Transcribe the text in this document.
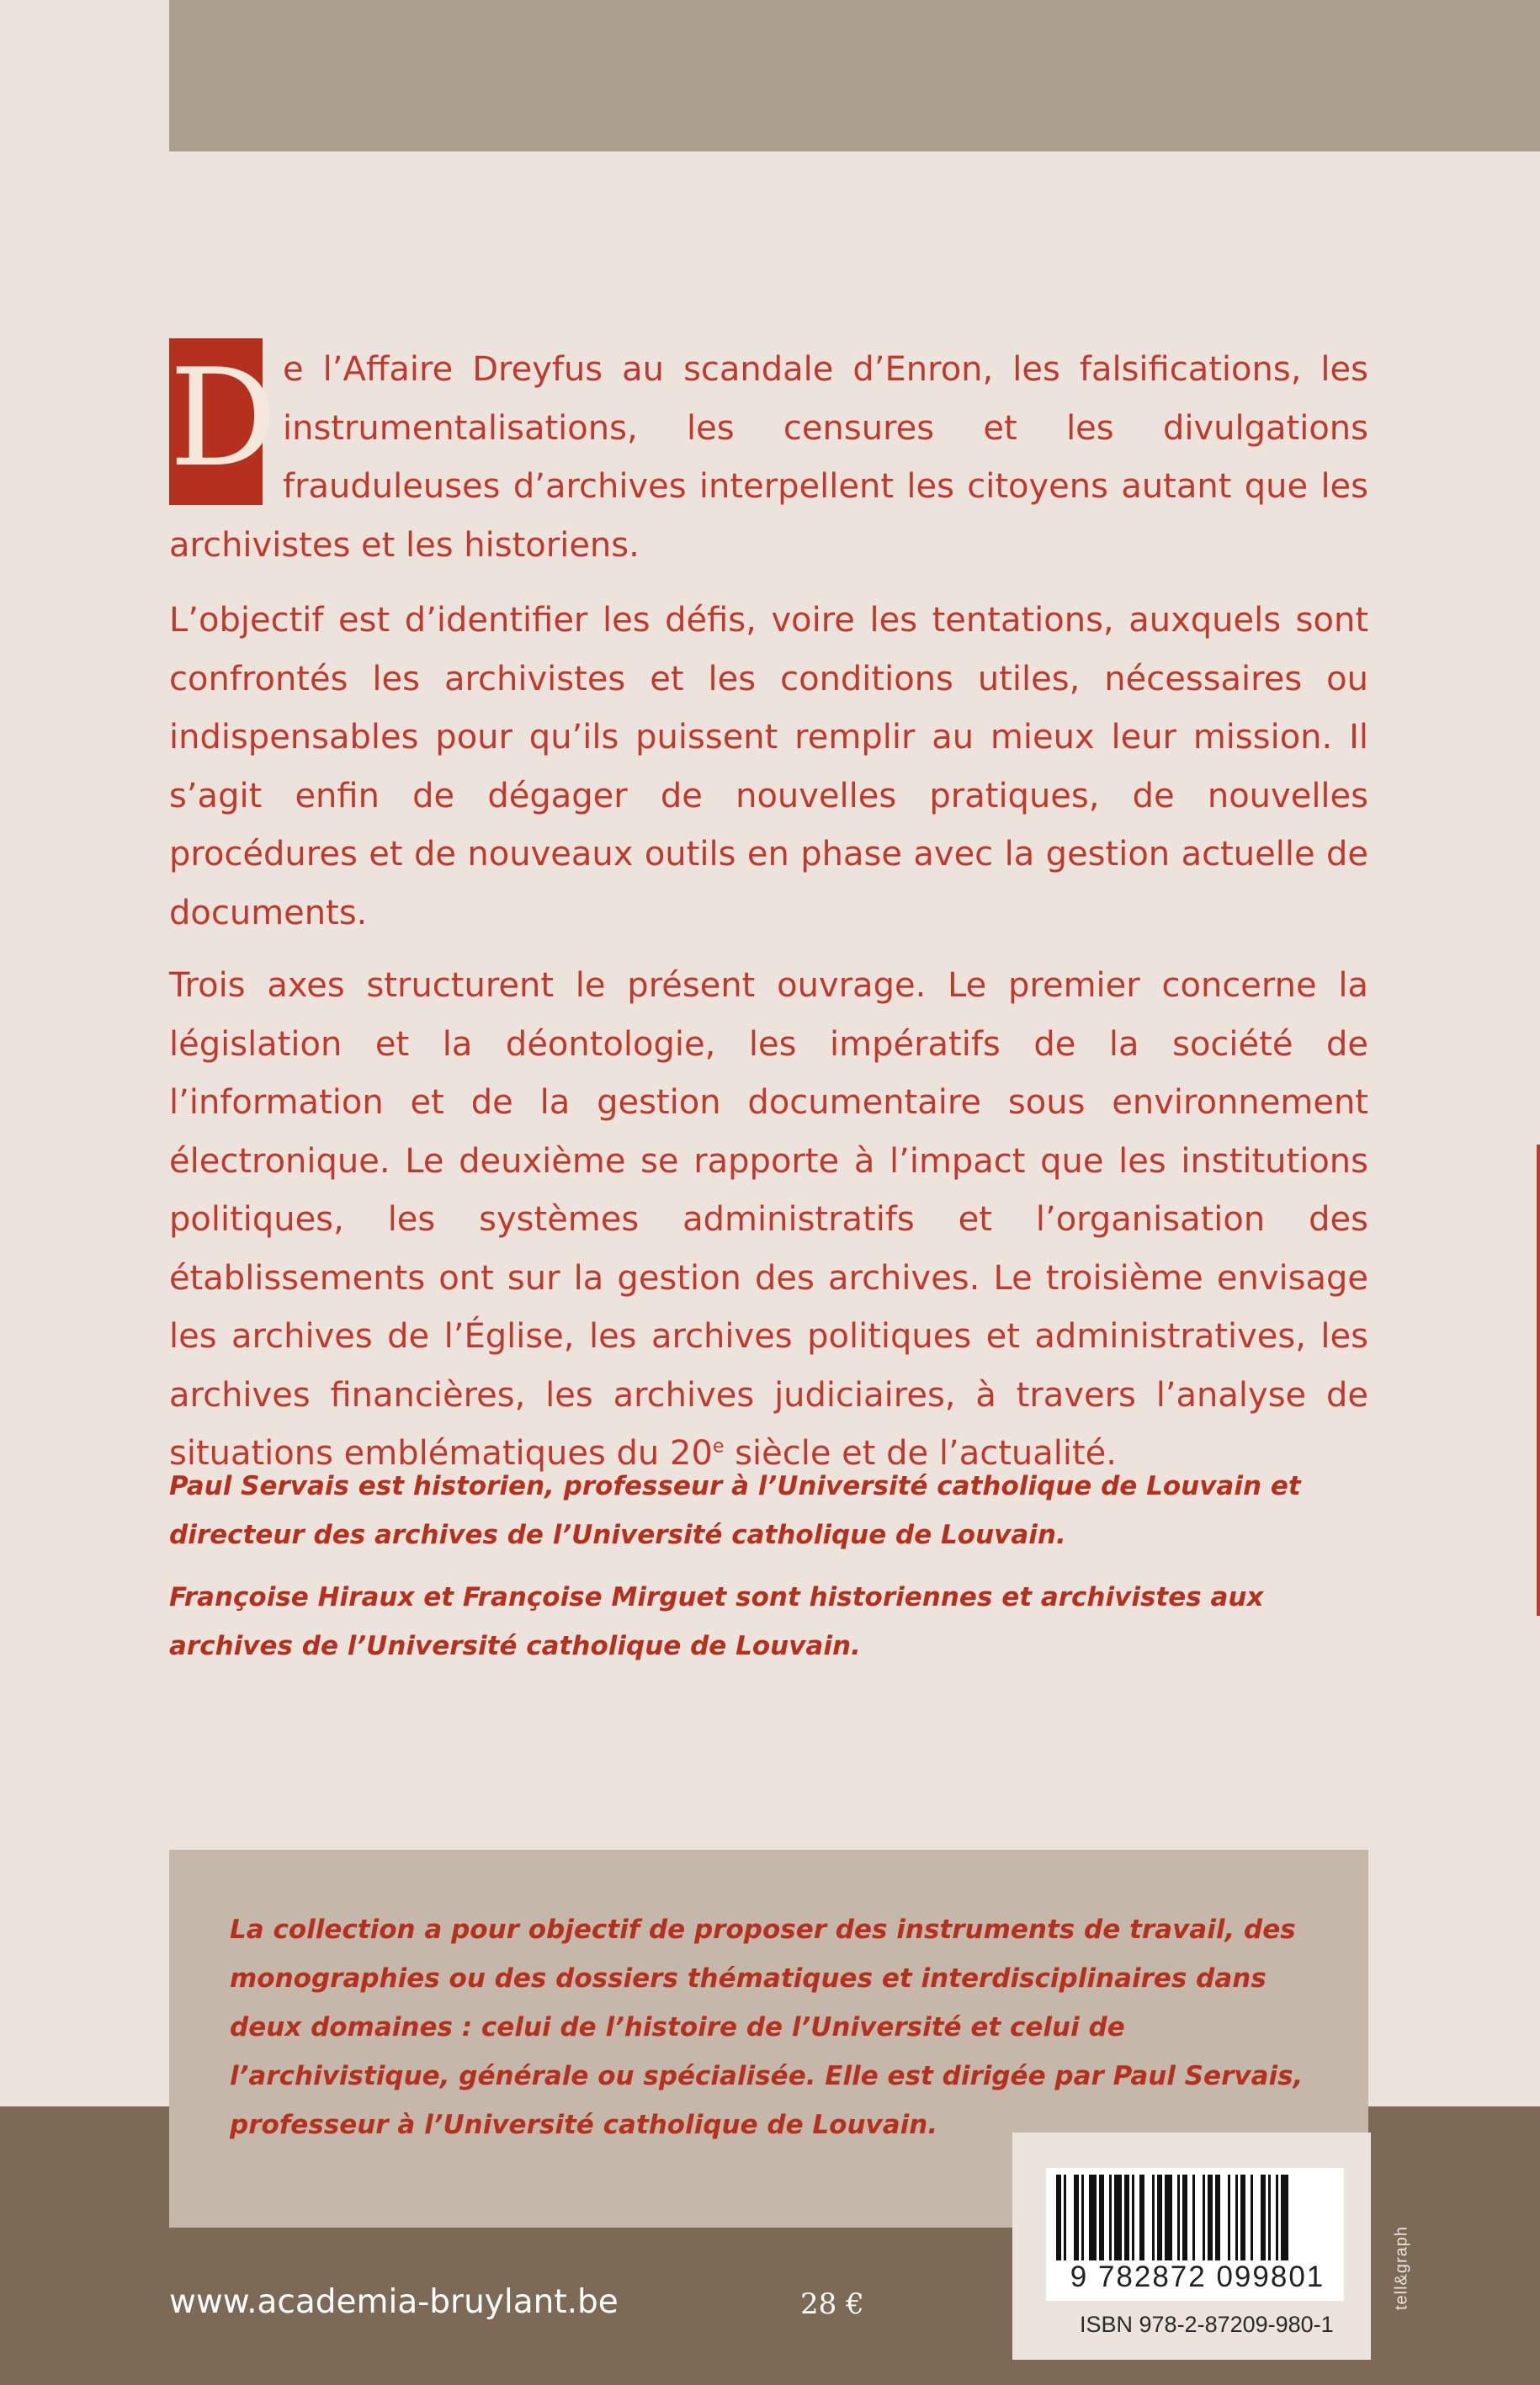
D e l’Affaire Dreyfus au scandale d’Enron, les falsifications, les instrumentalisations, les censures et les divulgations frauduleuses d’archives interpellent les citoyens autant que les archivistes et les historiens.

L’objectif est d’identifier les défis, voire les tentations, auxquels sont confrontés les archivistes et les conditions utiles, nécessaires ou indispensables pour qu’ils puissent remplir au mieux leur mission. Il s’agit enfin de dégager de nouvelles pratiques, de nouvelles procédures et de nouveaux outils en phase avec la gestion actuelle de documents.

Trois axes structurent le présent ouvrage. Le premier concerne la législation et la déontologie, les impératifs de la société de l’information et de la gestion documentaire sous environnement électronique. Le deuxième se rapporte à l’impact que les institutions politiques, les systèmes administratifs et l’organisation des établissements ont sur la gestion des archives. Le troisième envisage les archives de l’Église, les archives politiques et administratives, les archives financières, les archives judiciaires, à travers l’analyse de situations emblématiques du 20e siècle et de l’actualité.

Paul Servais est historien, professeur à l’Université catholique de Louvain et directeur des archives de l’Université catholique de Louvain.

Françoise Hiraux et Françoise Mirguet sont historiennes et archivistes aux archives de l’Université catholique de Louvain.

La collection a pour objectif de proposer des instruments de travail, des monographies ou des dossiers thématiques et interdisciplinaires dans deux domaines : celui de l’histoire de l’Université et celui de l’archivistique, générale ou spécialisée. Elle est dirigée par Paul Servais, professeur à l’Université catholique de Louvain.
9 782872 099801
ISBN 978-2-87209-980-1
tell&graph
www.academia-bruylant.be	28 €
